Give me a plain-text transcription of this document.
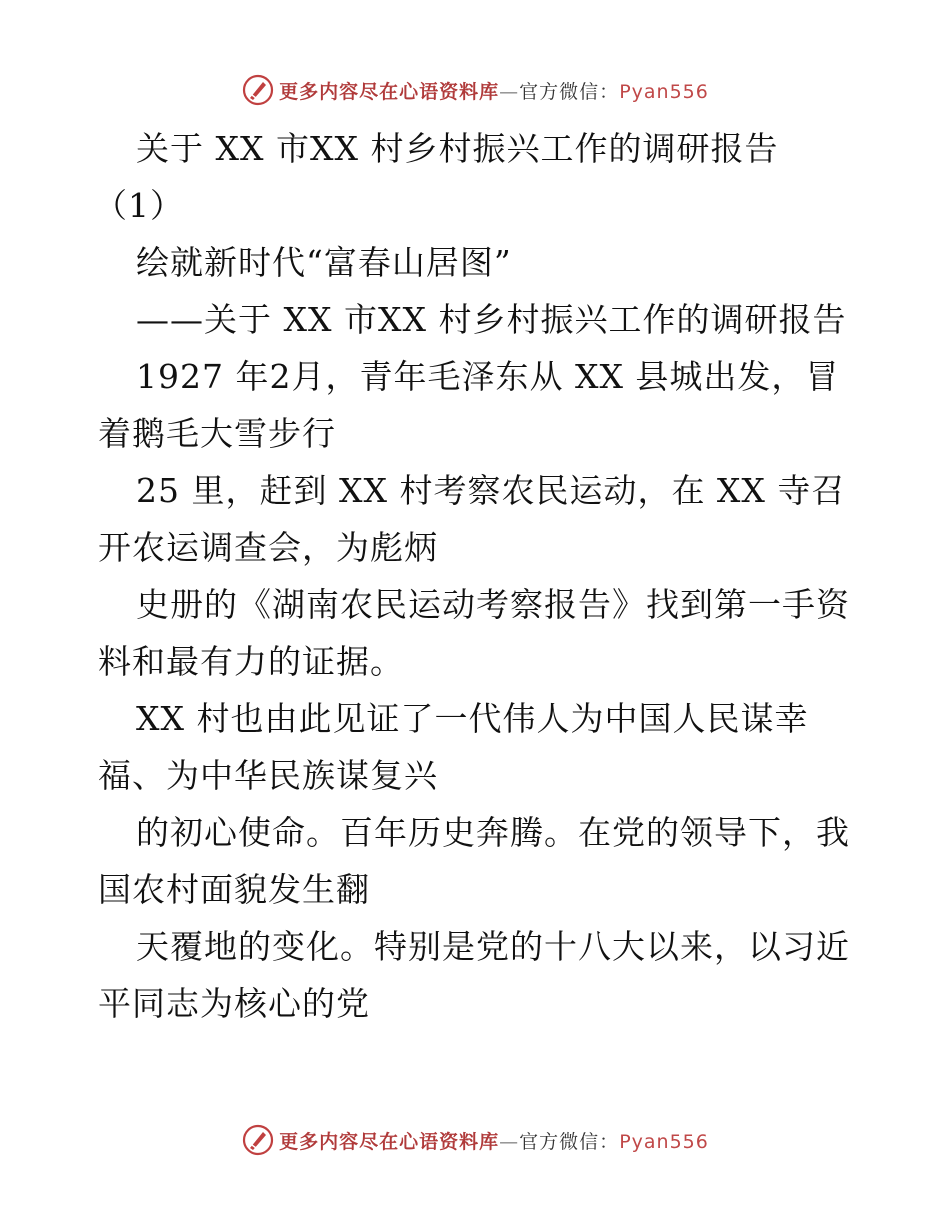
更多内容尽在心语资料库—官方微信：Pyan556
关于 XX 市XX 村乡村振兴工作的调研报告
（1）
绘就新时代“富春山居图”
——关于 XX 市XX 村乡村振兴工作的调研报告
1927 年2月，青年毛泽东从 XX 县城出发，冒
着鹅毛大雪步行
25 里，赶到 XX 村考察农民运动，在 XX 寺召
开农运调查会，为彪炳
史册的《湖南农民运动考察报告》找到第一手资
料和最有力的证据。
XX 村也由此见证了一代伟人为中国人民谋幸
福、为中华民族谋复兴
的初心使命。百年历史奔腾。在党的领导下，我
国农村面貌发生翻
天覆地的变化。特别是党的十八大以来，以习近
平同志为核心的党
更多内容尽在心语资料库—官方微信：Pyan556
